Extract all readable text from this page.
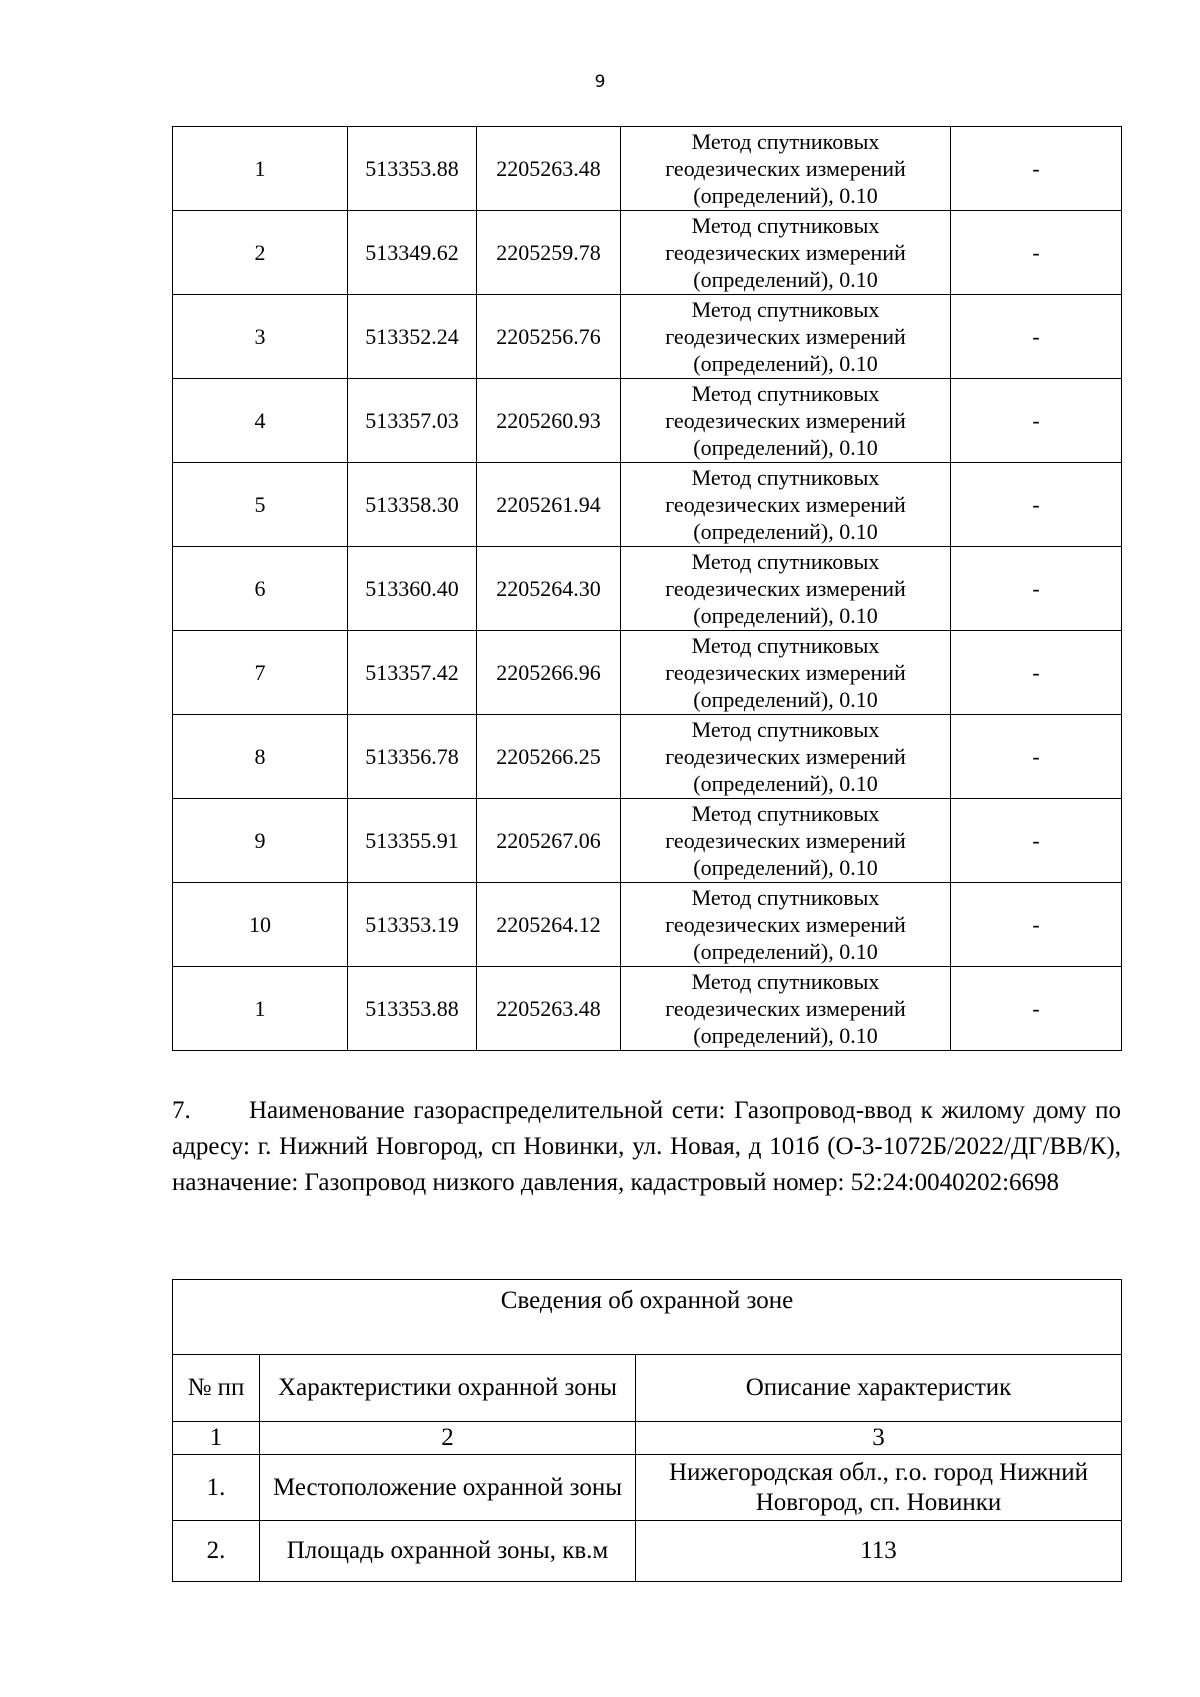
9
1	513353.88	2205263.48	Метод спутниковых
геодезических измерений
(определений), 0.10	-
2	513349.62	2205259.78	Метод спутниковых
геодезических измерений
(определений), 0.10	-
3	513352.24	2205256.76	Метод спутниковых
геодезических измерений
(определений), 0.10	-
4	513357.03	2205260.93	Метод спутниковых
геодезических измерений
(определений), 0.10	-
5	513358.30	2205261.94	Метод спутниковых
геодезических измерений
(определений), 0.10	-
6	513360.40	2205264.30	Метод спутниковых
геодезических измерений
(определений), 0.10	-
7	513357.42	2205266.96	Метод спутниковых
геодезических измерений
(определений), 0.10	-
8	513356.78	2205266.25	Метод спутниковых
геодезических измерений
(определений), 0.10	-
9	513355.91	2205267.06	Метод спутниковых
геодезических измерений
(определений), 0.10	-
10	513353.19	2205264.12	Метод спутниковых
геодезических измерений
(определений), 0.10	-
1	513353.88	2205263.48	Метод спутниковых
геодезических измерений
(определений), 0.10	-
7. Наименование газораспределительной сети: Газопровод-ввод к жилому дому по адресу: г. Нижний Новгород, сп Новинки, ул. Новая, д 101б (О-3-1072Б/2022/ДГ/ВВ/К), назначение: Газопровод низкого давления, кадастровый номер: 52:24:0040202:6698
Сведения об охранной зоне		
№ пп	Характеристики охранной зоны	Описание характеристик
1	2	3
1.	Местоположение охранной зоны	Нижегородская обл., г.о. город Нижний Новгород, сп. Новинки
2.	Площадь охранной зоны, кв.м	113
